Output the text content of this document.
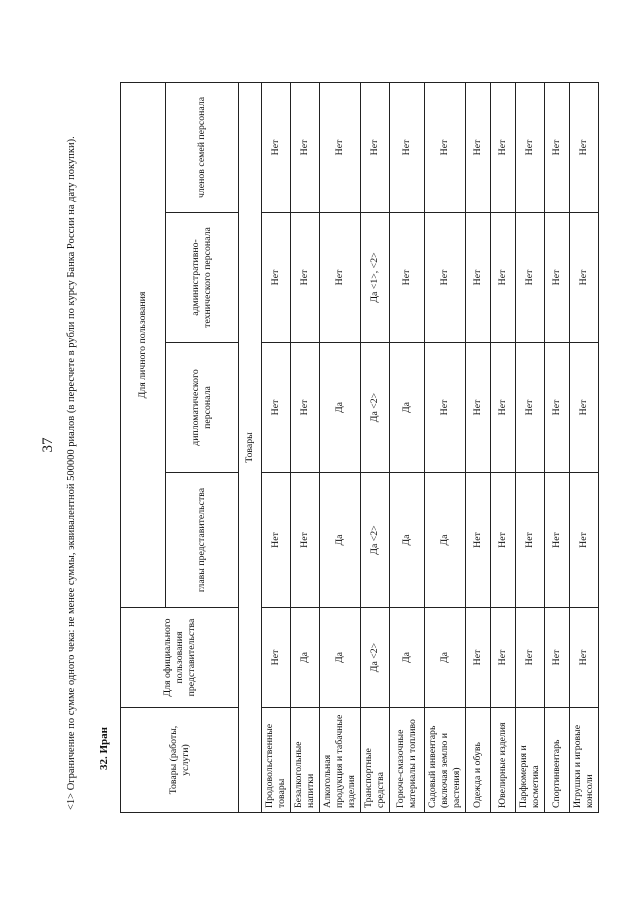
37 <1> Ограничение по сумме одного чека: не менее суммы, эквивалентной 500000 риалов (в пересчете в рубли по курсу Банка России на дату покупки).	32. Иран	Товары (работы, услуги)	Для официального пользования представительства	Для личного пользования			
		главы представительства	дипломатического персонала	административно-технического персонала	членов семей персонала
Товары					
Продовольственные товары	Нет	Нет	Нет	Нет	Нет
Безалкогольные напитки	Да	Нет	Нет	Нет	Нет
Алкогольная продукция и табачные изделия	Да	Да	Да	Нет	Нет
Транспортные средства	Да <2>	Да <2>	Да <2>	Да <1>, <2>	Нет
Горюче-смазочные материалы и топливо	Да	Да	Да	Нет	Нет
Садовый инвентарь (включая землю и растения)	Да	Да	Нет	Нет	Нет
Одежда и обувь	Нет	Нет	Нет	Нет	Нет
Ювелирные изделия	Нет	Нет	Нет	Нет	Нет
Парфюмерия и косметика	Нет	Нет	Нет	Нет	Нет
Спортинвентарь	Нет	Нет	Нет	Нет	Нет
Игрушки и игровые консоли	Нет	Нет	Нет	Нет	Нет
